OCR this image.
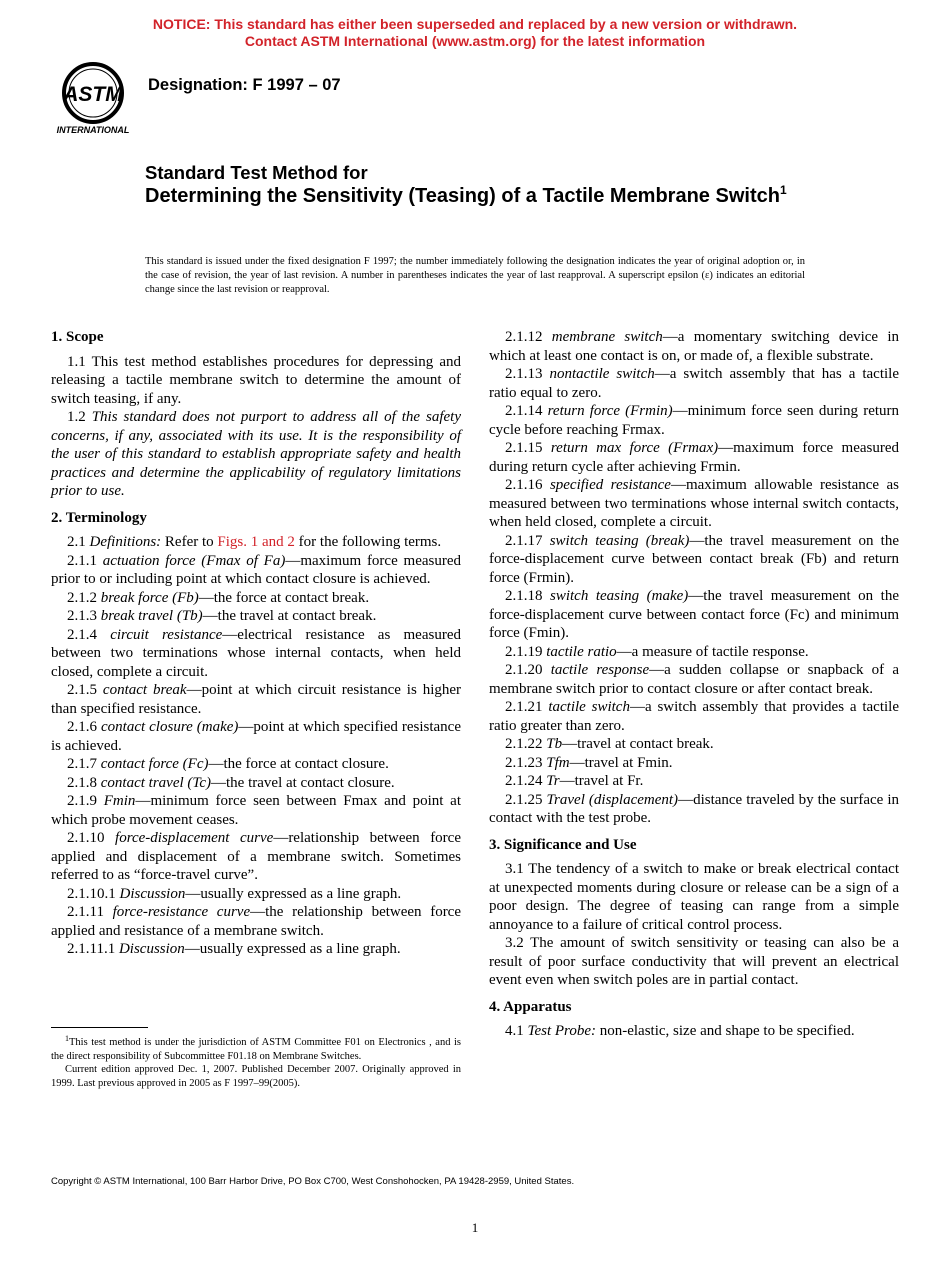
NOTICE: This standard has either been superseded and replaced by a new version or withdrawn.
Contact ASTM International (www.astm.org) for the latest information
ASTM
INTERNATIONAL
Designation: F 1997 – 07
Standard Test Method for
Determining the Sensitivity (Teasing) of a Tactile Membrane Switch$^1$
This standard is issued under the fixed designation F 1997; the number immediately following the designation indicates the year of original adoption or, in the case of revision, the year of last revision. A number in parentheses indicates the year of last reapproval. A superscript epsilon (ε) indicates an editorial change since the last revision or reapproval.
1. Scope

1.1 This test method establishes procedures for depressing and releasing a tactile membrane switch to determine the amount of switch teasing, if any.

1.2 This standard does not purport to address all of the safety concerns, if any, associated with its use. It is the responsibility of the user of this standard to establish appropriate safety and health practices and determine the applicability of regulatory limitations prior to use.

2. Terminology

2.1 Definitions: Refer to Figs. 1 and 2 for the following terms.

2.1.1 actuation force (Fmax of Fa)—maximum force measured prior to or including point at which contact closure is achieved.

2.1.2 break force (Fb)—the force at contact break.

2.1.3 break travel (Tb)—the travel at contact break.

2.1.4 circuit resistance—electrical resistance as measured between two terminations whose internal contacts, when held closed, complete a circuit.

2.1.5 contact break—point at which circuit resistance is higher than specified resistance.

2.1.6 contact closure (make)—point at which specified resistance is achieved.

2.1.7 contact force (Fc)—the force at contact closure.

2.1.8 contact travel (Tc)—the travel at contact closure.

2.1.9 Fmin—minimum force seen between Fmax and point at which probe movement ceases.

2.1.10 force-displacement curve—relationship between force applied and displacement of a membrane switch. Sometimes referred to as “force-travel curve”.

2.1.10.1 Discussion—usually expressed as a line graph.

2.1.11 force-resistance curve—the relationship between force applied and resistance of a membrane switch.

2.1.11.1 Discussion—usually expressed as a line graph.

2.1.12 membrane switch—a momentary switching device in which at least one contact is on, or made of, a flexible substrate.

2.1.13 nontactile switch—a switch assembly that has a tactile ratio equal to zero.

2.1.14 return force (Frmin)—minimum force seen during return cycle before reaching Frmax.

2.1.15 return max force (Frmax)—maximum force measured during return cycle after achieving Frmin.

2.1.16 specified resistance—maximum allowable resistance as measured between two terminations whose internal switch contacts, when held closed, complete a circuit.

2.1.17 switch teasing (break)—the travel measurement on the force-displacement curve between contact break (Fb) and return force (Frmin).

2.1.18 switch teasing (make)—the travel measurement on the force-displacement curve between contact force (Fc) and minimum force (Fmin).

2.1.19 tactile ratio—a measure of tactile response.

2.1.20 tactile response—a sudden collapse or snapback of a membrane switch prior to contact closure or after contact break.

2.1.21 tactile switch—a switch assembly that provides a tactile ratio greater than zero.

2.1.22 Tb—travel at contact break.

2.1.23 Tfm—travel at Fmin.

2.1.24 Tr—travel at Fr.

2.1.25 Travel (displacement)—distance traveled by the surface in contact with the test probe.

3. Significance and Use

3.1 The tendency of a switch to make or break electrical contact at unexpected moments during closure or release can be a sign of a poor design. The degree of teasing can range from a simple annoyance to a failure of critical control process.

3.2 The amount of switch sensitivity or teasing can also be a result of poor surface conductivity that will prevent an electrical event even when switch poles are in partial contact.

4. Apparatus

4.1 Test Probe: non-elastic, size and shape to be specified.

$^1$This test method is under the jurisdiction of ASTM Committee F01 on Electronics , and is the direct responsibility of Subcommittee F01.18 on Membrane Switches.

Current edition approved Dec. 1, 2007. Published December 2007. Originally approved in 1999. Last previous approved in 2005 as F 1997–99(2005).

Copyright © ASTM International, 100 Barr Harbor Drive, PO Box C700, West Conshohocken, PA 19428-2959, United States.
1
